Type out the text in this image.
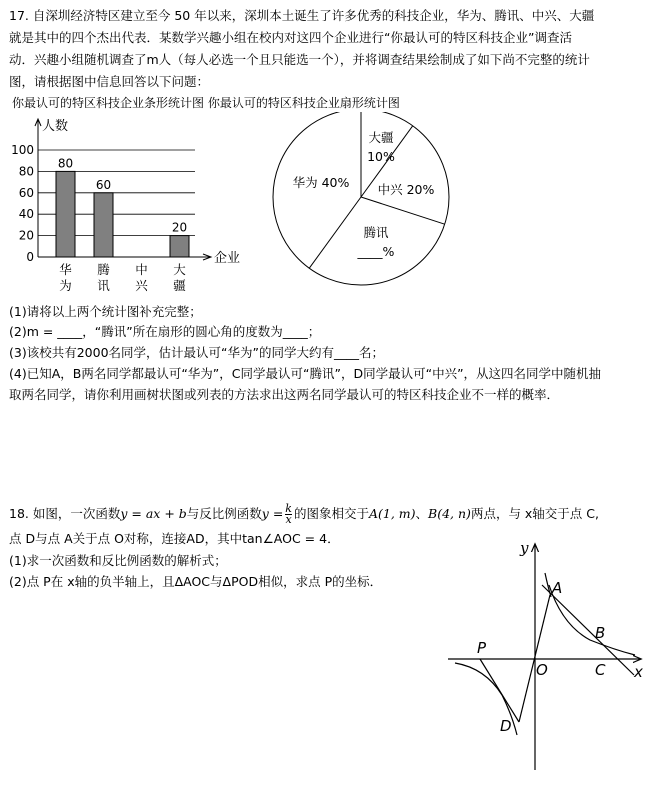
17. 自深圳经济特区建立至今 50 年以来，深圳本土诞生了许多优秀的科技企业，华为、腾讯、中兴、大疆
就是其中的四个杰出代表．某数学兴趣小组在校内对这四个企业进行“你最认可的特区科技企业”调查活
动．兴趣小组随机调查了m人（每人必选一个且只能选一个），并将调查结果绘制成了如下尚不完整的统计
图，请根据图中信息回答以下问题：
你最认可的特区科技企业条形统计图 你最认可的特区科技企业扇形统计图
人数
企业
0
20
40
60
80
100
80
华
为
60
腾
讯
中
兴
20
大
疆
大疆
10%
中兴 20%
腾讯
____%
华为 40%
(1)请将以上两个统计图补充完整；
(2)m = ____，“腾讯”所在扇形的圆心角的度数为____；
(3)该校共有2000名同学，估计最认可“华为”的同学大约有____名；
(4)已知A，B两名同学都最认可“华为”，C同学最认可“腾讯”，D同学最认可“中兴”，从这四名同学中随机抽
取两名同学，请你利用画树状图或列表的方法求出这两名同学最认可的特区科技企业不一样的概率．
18. 如图，一次函数y = ax + b与反比例函数$y = \frac{k}{x}$ 的图象相交于A(1, m)、B(4, n)两点，与 x轴交于点 C,
点 D与点 A关于点 O对称，连接AD，其中tan∠AOC = 4．
(1)求一次函数和反比例函数的解析式；
(2)点 P在 x轴的负半轴上，且ΔAOC与ΔPOD相似，求点 P的坐标．
y
x
A
B
C
O
P
D
